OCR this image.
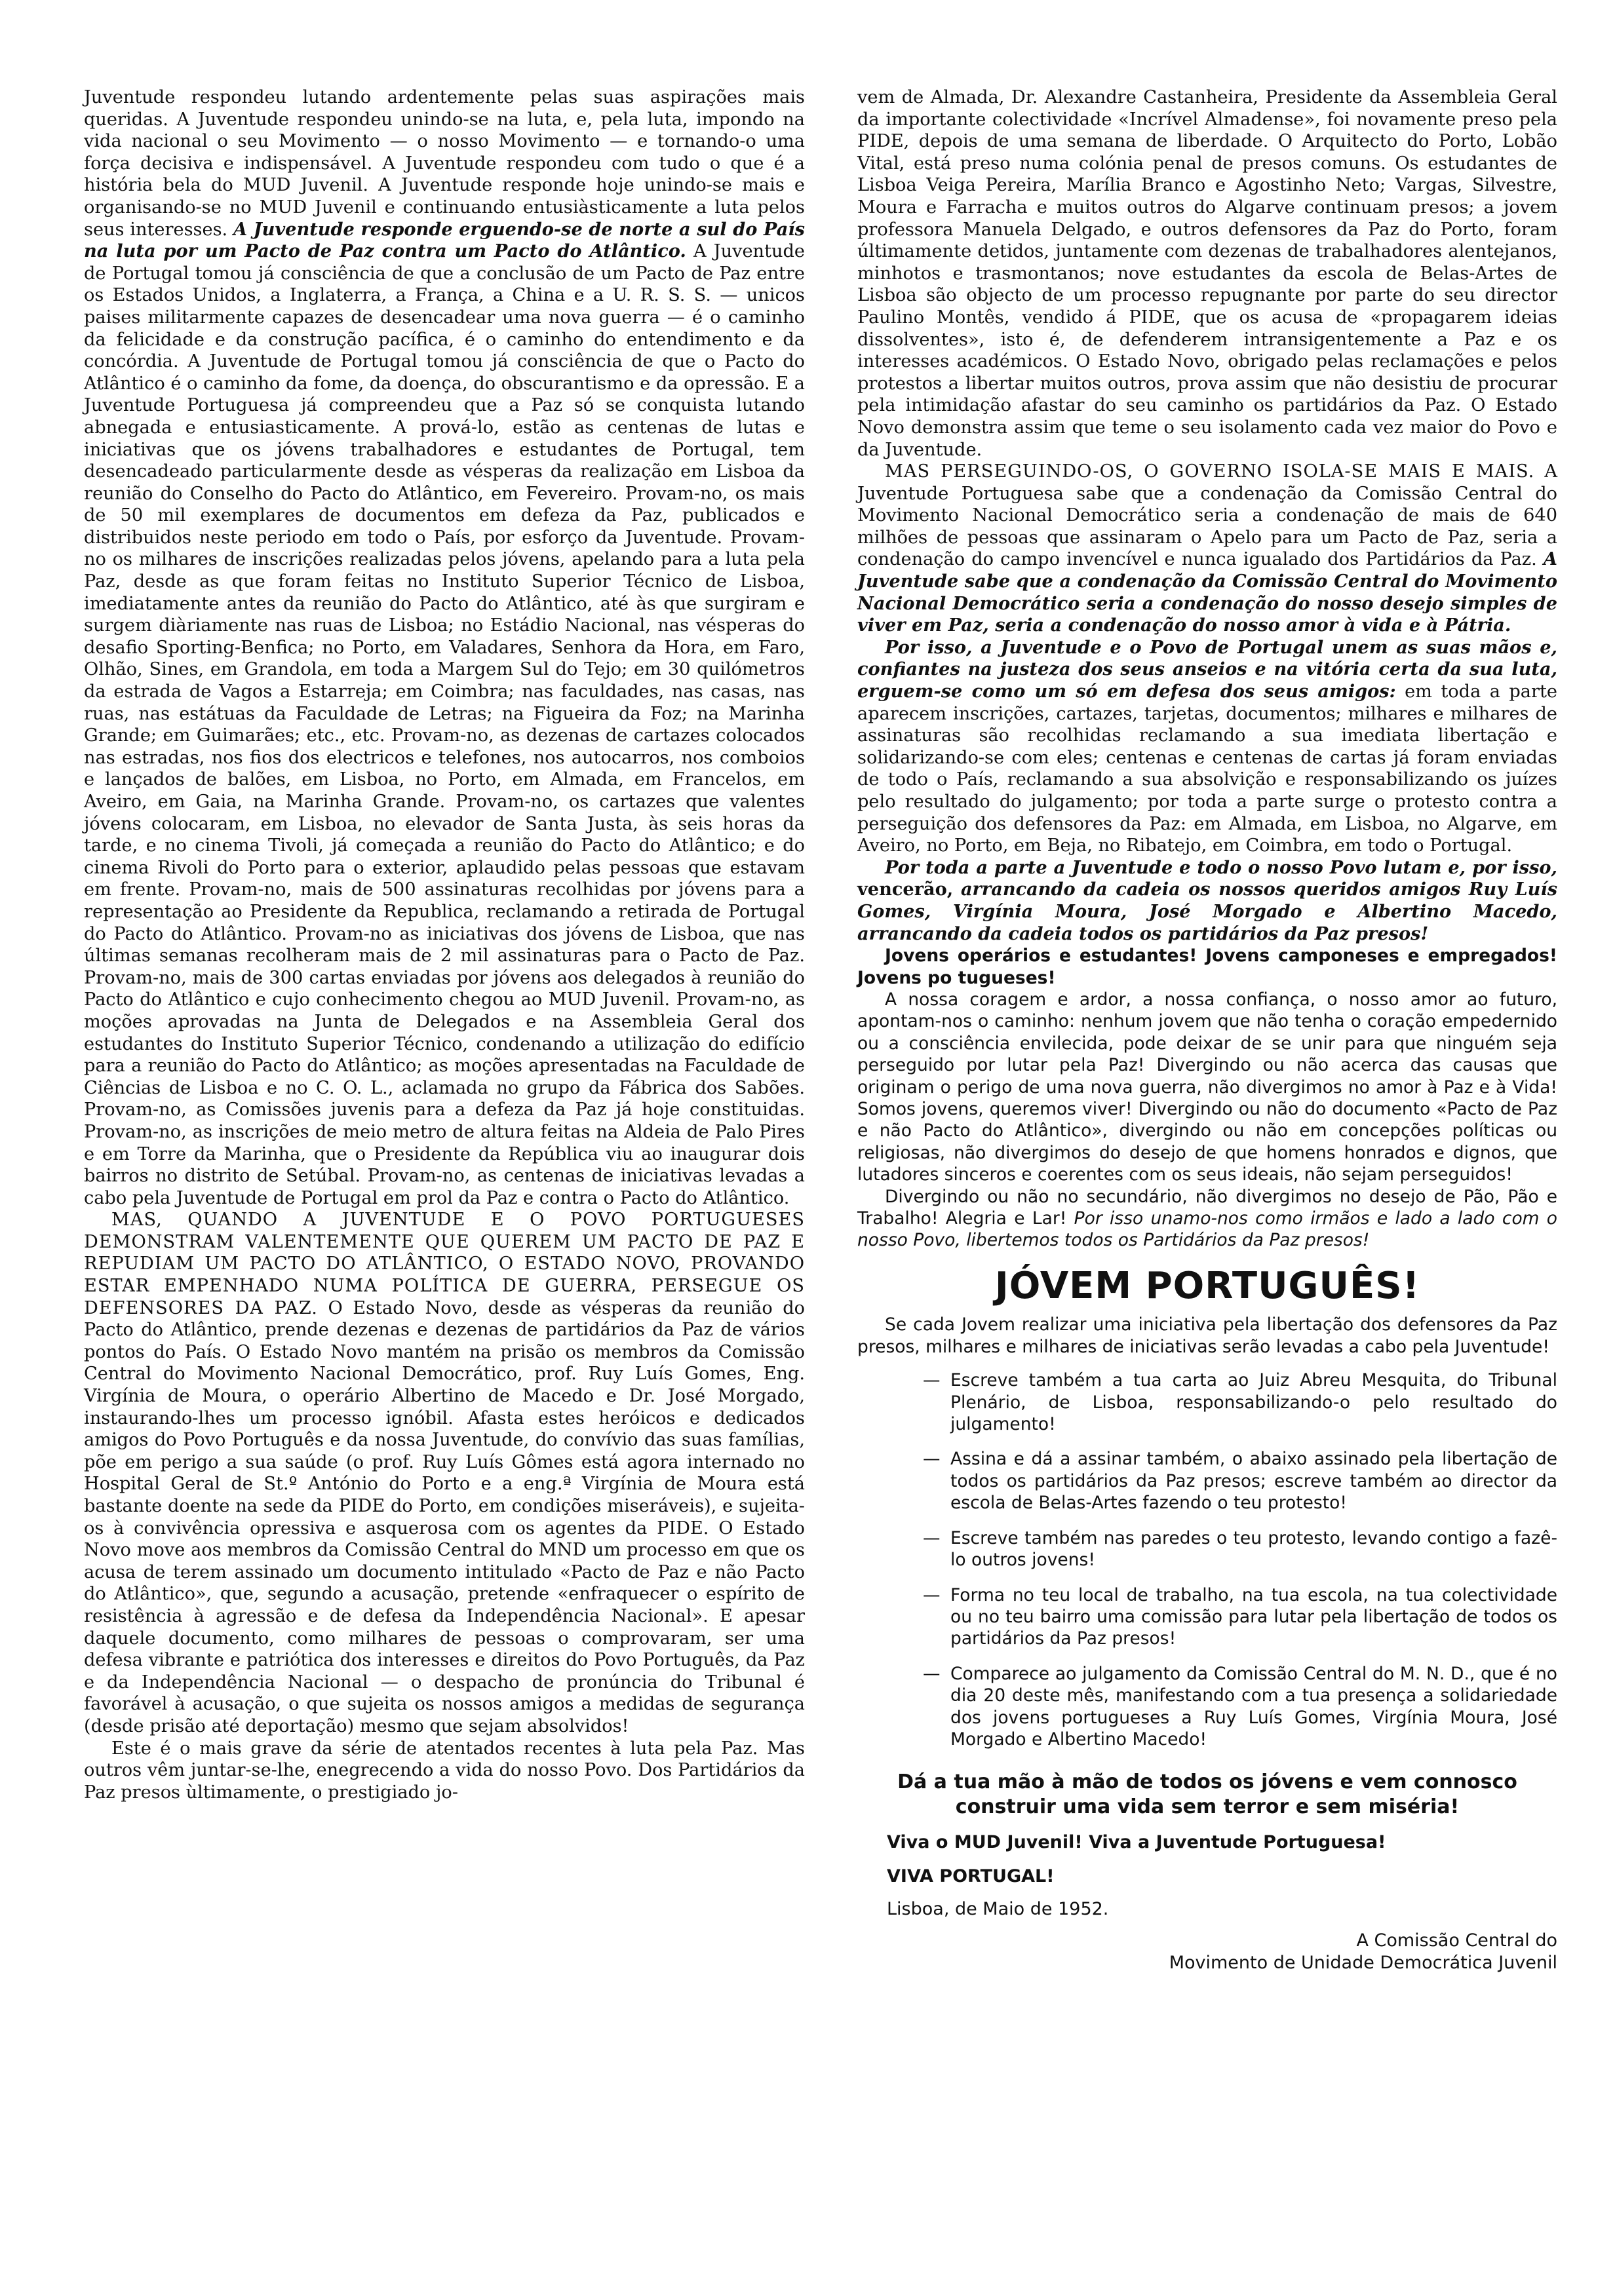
Juventude respondeu lutando ardentemente pelas suas aspirações mais queridas. A Juventude respondeu unindo-se na luta, e, pela luta, impondo na vida nacional o seu Movimento — o nosso Movimento — e tornando-o uma força decisiva e indispensável. A Juventude respondeu com tudo o que é a história bela do MUD Juvenil. A Juventude responde hoje unindo-se mais e organisando-se no MUD Juvenil e continuando entusiàsticamente a luta pelos seus interesses. A Juventude responde erguendo-se de norte a sul do País na luta por um Pacto de Paz contra um Pacto do Atlântico. A Juventude de Portugal tomou já consciência de que a conclusão de um Pacto de Paz entre os Estados Unidos, a Inglaterra, a França, a China e a U. R. S. S. — unicos paises militarmente capazes de desencadear uma nova guerra — é o caminho da felicidade e da construção pacífica, é o caminho do entendimento e da concórdia. A Juventude de Portugal tomou já consciência de que o Pacto do Atlântico é o caminho da fome, da doença, do obscurantismo e da opressão. E a Juventude Portuguesa já compreendeu que a Paz só se conquista lutando abnegada e entusiasticamente. A prová-lo, estão as centenas de lutas e iniciativas que os jóvens trabalhadores e estudantes de Portugal, tem desencadeado particularmente desde as vésperas da realização em Lisboa da reunião do Conselho do Pacto do Atlântico, em Fevereiro. Provam-no, os mais de 50 mil exemplares de documentos em defeza da Paz, publicados e distribuidos neste periodo em todo o País, por esforço da Juventude. Provam-no os milhares de inscrições realizadas pelos jóvens, apelando para a luta pela Paz, desde as que foram feitas no Instituto Superior Técnico de Lisboa, imediatamente antes da reunião do Pacto do Atlântico, até às que surgiram e surgem diàriamente nas ruas de Lisboa; no Estádio Nacional, nas vésperas do desafio Sporting-Benfica; no Porto, em Valadares, Senhora da Hora, em Faro, Olhão, Sines, em Grandola, em toda a Margem Sul do Tejo; em 30 quilómetros da estrada de Vagos a Estarreja; em Coimbra; nas faculdades, nas casas, nas ruas, nas estátuas da Faculdade de Letras; na Figueira da Foz; na Marinha Grande; em Guimarães; etc., etc. Provam-no, as dezenas de cartazes colocados nas estradas, nos fios dos electricos e telefones, nos autocarros, nos comboios e lançados de balões, em Lisboa, no Porto, em Almada, em Francelos, em Aveiro, em Gaia, na Marinha Grande. Provam-no, os cartazes que valentes jóvens colocaram, em Lisboa, no elevador de Santa Justa, às seis horas da tarde, e no cinema Tivoli, já começada a reunião do Pacto do Atlântico; e do cinema Rivoli do Porto para o exterior, aplaudido pelas pessoas que estavam em frente. Provam-no, mais de 500 assinaturas recolhidas por jóvens para a representação ao Presidente da Republica, reclamando a retirada de Portugal do Pacto do Atlântico. Provam-no as iniciativas dos jóvens de Lisboa, que nas últimas semanas recolheram mais de 2 mil assinaturas para o Pacto de Paz. Provam-no, mais de 300 cartas enviadas por jóvens aos delegados à reunião do Pacto do Atlântico e cujo conhecimento chegou ao MUD Juvenil. Provam-no, as moções aprovadas na Junta de Delegados e na Assembleia Geral dos estudantes do Instituto Superior Técnico, condenando a utilização do edifício para a reunião do Pacto do Atlântico; as moções apresentadas na Faculdade de Ciências de Lisboa e no C. O. L., aclamada no grupo da Fábrica dos Sabões. Provam-no, as Comissões juvenis para a defeza da Paz já hoje constituidas. Provam-no, as inscrições de meio metro de altura feitas na Aldeia de Palo Pires e em Torre da Marinha, que o Presidente da República viu ao inaugurar dois bairros no distrito de Setúbal. Provam-no, as centenas de iniciativas levadas a cabo pela Juventude de Portugal em prol da Paz e contra o Pacto do Atlântico.

MAS, QUANDO A JUVENTUDE E O POVO PORTUGUESES DEMONSTRAM VALENTEMENTE QUE QUEREM UM PACTO DE PAZ E REPUDIAM UM PACTO DO ATLÂNTICO, O ESTADO NOVO, PROVANDO ESTAR EMPENHADO NUMA POLÍTICA DE GUERRA, PERSEGUE OS DEFENSORES DA PAZ. O Estado Novo, desde as vésperas da reunião do Pacto do Atlântico, prende dezenas e dezenas de partidários da Paz de vários pontos do País. O Estado Novo mantém na prisão os membros da Comissão Central do Movimento Nacional Democrático, prof. Ruy Luís Gomes, Eng. Virgínia de Moura, o operário Albertino de Macedo e Dr. José Morgado, instaurando-lhes um processo ignóbil. Afasta estes heróicos e dedicados amigos do Povo Português e da nossa Juventude, do convívio das suas famílias, põe em perigo a sua saúde (o prof. Ruy Luís Gômes está agora internado no Hospital Geral de St.º António do Porto e a eng.ª Virgínia de Moura está bastante doente na sede da PIDE do Porto, em condições miseráveis), e sujeita-os à convivência opressiva e asquerosa com os agentes da PIDE. O Estado Novo move aos membros da Comissão Central do MND um processo em que os acusa de terem assinado um documento intitulado «Pacto de Paz e não Pacto do Atlântico», que, segundo a acusação, pretende «enfraquecer o espírito de resistência à agressão e de defesa da Independência Nacional». E apesar daquele documento, como milhares de pessoas o comprovaram, ser uma defesa vibrante e patriótica dos interesses e direitos do Povo Português, da Paz e da Independência Nacional — o despacho de pronúncia do Tribunal é favorável à acusação, o que sujeita os nossos amigos a medidas de segurança (desde prisão até deportação) mesmo que sejam absolvidos!

Este é o mais grave da série de atentados recentes à luta pela Paz. Mas outros vêm juntar-se-lhe, enegrecendo a vida do nosso Povo. Dos Partidários da Paz presos ùltimamente, o prestigiado jo-

vem de Almada, Dr. Alexandre Castanheira, Presidente da Assembleia Geral da importante colectividade «Incrível Almadense», foi novamente preso pela PIDE, depois de uma semana de liberdade. O Arquitecto do Porto, Lobão Vital, está preso numa colónia penal de presos comuns. Os estudantes de Lisboa Veiga Pereira, Marília Branco e Agostinho Neto; Vargas, Silvestre, Moura e Farracha e muitos outros do Algarve continuam presos; a jovem professora Manuela Delgado, e outros defensores da Paz do Porto, foram últimamente detidos, juntamente com dezenas de trabalhadores alentejanos, minhotos e trasmontanos; nove estudantes da escola de Belas-Artes de Lisboa são objecto de um processo repugnante por parte do seu director Paulino Montês, vendido á PIDE, que os acusa de «propagarem ideias dissolventes», isto é, de defenderem intransigentemente a Paz e os interesses académicos. O Estado Novo, obrigado pelas reclamações e pelos protestos a libertar muitos outros, prova assim que não desistiu de procurar pela intimidação afastar do seu caminho os partidários da Paz. O Estado Novo demonstra assim que teme o seu isolamento cada vez maior do Povo e da Juventude.

MAS PERSEGUINDO-OS, O GOVERNO ISOLA-SE MAIS E MAIS. A Juventude Portuguesa sabe que a condenação da Comissão Central do Movimento Nacional Democrático seria a condenação de mais de 640 milhões de pessoas que assinaram o Apelo para um Pacto de Paz, seria a condenação do campo invencível e nunca igualado dos Partidários da Paz. A Juventude sabe que a condenação da Comissão Central do Movimento Nacional Democrático seria a condenação do nosso desejo simples de viver em Paz, seria a condenação do nosso amor à vida e à Pátria.

Por isso, a Juventude e o Povo de Portugal unem as suas mãos e, confiantes na justeza dos seus anseios e na vitória certa da sua luta, erguem-se como um só em defesa dos seus amigos: em toda a parte aparecem inscrições, cartazes, tarjetas, documentos; milhares e milhares de assinaturas são recolhidas reclamando a sua imediata libertação e solidarizando-se com eles; centenas e centenas de cartas já foram enviadas de todo o País, reclamando a sua absolvição e responsabilizando os juízes pelo resultado do julgamento; por toda a parte surge o protesto contra a perseguição dos defensores da Paz: em Almada, em Lisboa, no Algarve, em Aveiro, no Porto, em Beja, no Ribatejo, em Coimbra, em todo o Portugal.

Por toda a parte a Juventude e todo o nosso Povo lutam e, por isso, vencerão, arrancando da cadeia os nossos queridos amigos Ruy Luís Gomes, Virgínia Moura, José Morgado e Albertino Macedo, arrancando da cadeia todos os partidários da Paz presos!

Jovens operários e estudantes! Jovens camponeses e empregados! Jovens po tugueses!

A nossa coragem e ardor, a nossa confiança, o nosso amor ao futuro, apontam-nos o caminho: nenhum jovem que não tenha o coração empedernido ou a consciência envilecida, pode deixar de se unir para que ninguém seja perseguido por lutar pela Paz! Divergindo ou não acerca das causas que originam o perigo de uma nova guerra, não divergimos no amor à Paz e à Vida! Somos jovens, queremos viver! Divergindo ou não do documento «Pacto de Paz e não Pacto do Atlântico», divergindo ou não em concepções políticas ou religiosas, não divergimos do desejo de que homens honrados e dignos, que lutadores sinceros e coerentes com os seus ideais, não sejam perseguidos!

Divergindo ou não no secundário, não divergimos no desejo de Pão, Pão e Trabalho! Alegria e Lar! Por isso unamo-nos como irmãos e lado a lado com o nosso Povo, libertemos todos os Partidários da Paz presos!

JÓVEM PORTUGUÊS!

Se cada Jovem realizar uma iniciativa pela libertação dos defensores da Paz presos, milhares e milhares de iniciativas serão levadas a cabo pela Juventude!

— Escreve também a tua carta ao Juiz Abreu Mesquita, do Tribunal Plenário, de Lisboa, responsabilizando-o pelo resultado do julgamento!
— Assina e dá a assinar também, o abaixo assinado pela libertação de todos os partidários da Paz presos; escreve também ao director da escola de Belas-Artes fazendo o teu protesto!
— Escreve também nas paredes o teu protesto, levando contigo a fazê-lo outros jovens!
— Forma no teu local de trabalho, na tua escola, na tua colectividade ou no teu bairro uma comissão para lutar pela libertação de todos os partidários da Paz presos!
— Comparece ao julgamento da Comissão Central do M. N. D., que é no dia 20 deste mês, manifestando com a tua presença a solidariedade dos jovens portugueses a Ruy Luís Gomes, Virgínia Moura, José Morgado e Albertino Macedo!
Dá a tua mão à mão de todos os jóvens e vem connosco construir uma vida sem terror e sem miséria!
Viva o MUD Juvenil! Viva a Juventude Portuguesa!
VIVA PORTUGAL!
Lisboa, de Maio de 1952.
A Comissão Central do
Movimento de Unidade Democrática Juvenil
